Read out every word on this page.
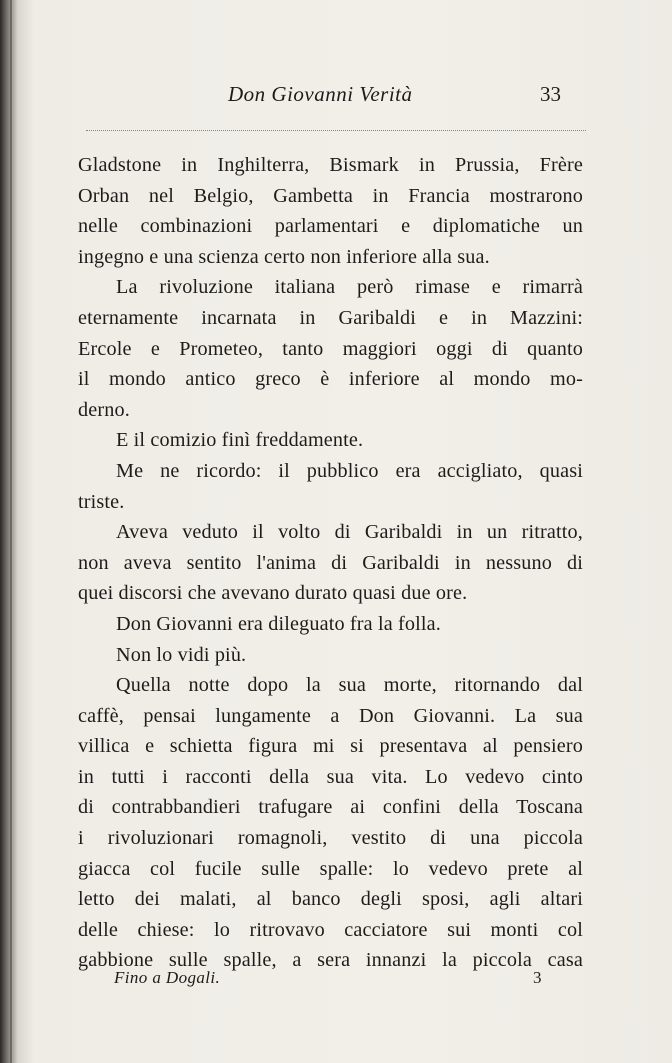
Don Giovanni Verità	33
Gladstone in Inghilterra, Bismark in Prussia, Frère
Orban nel Belgio, Gambetta in Francia mostrarono
nelle combinazioni parlamentari e diplomatiche un
ingegno e una scienza certo non inferiore alla sua.
La rivoluzione italiana però rimase e rimarrà
eternamente incarnata in Garibaldi e in Mazzini:
Ercole e Prometeo, tanto maggiori oggi di quanto
il mondo antico greco è inferiore al mondo mo-
derno.
E il comizio finì freddamente.
Me ne ricordo: il pubblico era accigliato, quasi
triste.
Aveva veduto il volto di Garibaldi in un ritratto,
non aveva sentito l'anima di Garibaldi in nessuno di
quei discorsi che avevano durato quasi due ore.
Don Giovanni era dileguato fra la folla.
Non lo vidi più.
Quella notte dopo la sua morte, ritornando dal
caffè, pensai lungamente a Don Giovanni. La sua
villica e schietta figura mi si presentava al pensiero
in tutti i racconti della sua vita. Lo vedevo cinto
di contrabbandieri trafugare ai confini della Toscana
i rivoluzionari romagnoli, vestito di una piccola
giacca col fucile sulle spalle: lo vedevo prete al
letto dei malati, al banco degli sposi, agli altari
delle chiese: lo ritrovavo cacciatore sui monti col
gabbione sulle spalle, a sera innanzi la piccola casa
Fino a Dogali.	3
